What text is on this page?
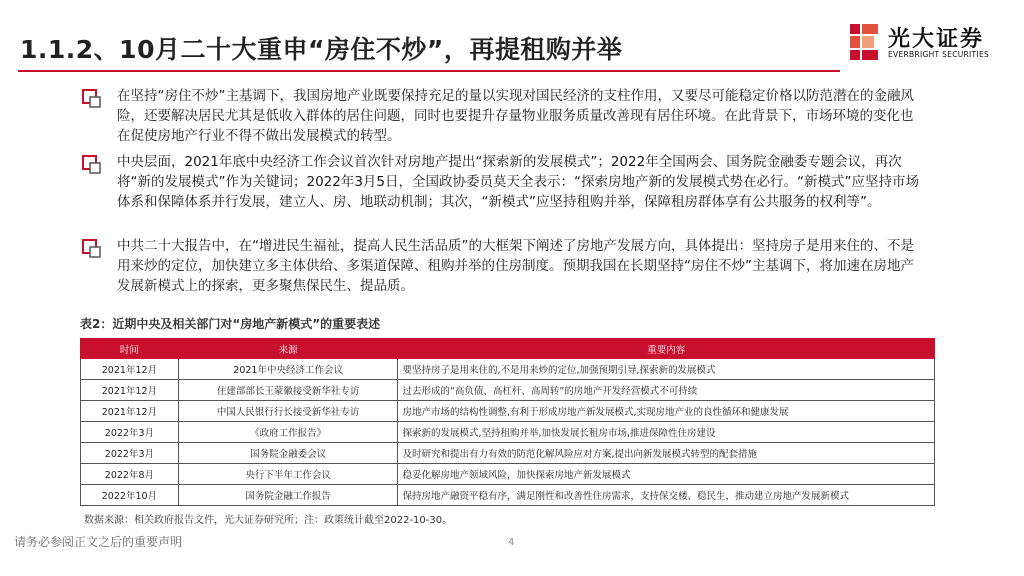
1.1.2、10月二十大重申“房住不炒”，再提租购并举	光大证券
EVERBRIGHT SECURITIES

在坚持“房住不炒”主基调下，我国房地产业既要保持充足的量以实现对国民经济的支柱作用，又要尽可能稳定价格以防范潜在的金融风险，还要解决居民尤其是低收入群体的居住问题，同时也要提升存量物业服务质量改善现有居住环境。在此背景下，市场环境的变化也在促使房地产行业不得不做出发展模式的转型。

中央层面，2021年底中央经济工作会议首次针对房地产提出“探索新的发展模式”；2022年全国两会、国务院金融委专题会议，再次将“新的发展模式”作为关键词；2022年3月5日，全国政协委员莫天全表示：“探索房地产新的发展模式势在必行。“新模式”应坚持市场体系和保障体系并行发展，建立人、房、地联动机制；其次，“新模式”应坚持租购并举，保障租房群体享有公共服务的权利等”。

中共二十大报告中，在“增进民生福祉，提高人民生活品质”的大框架下阐述了房地产发展方向，具体提出：坚持房子是用来住的、不是用来炒的定位，加快建立多主体供给、多渠道保障、租购并举的住房制度。预期我国在长期坚持“房住不炒”主基调下，将加速在房地产发展新模式上的探索，更多聚焦保民生、提品质。

表2：近期中央及相关部门对“房地产新模式”的重要表述
时间	来源	重要内容
2021年12月	2021年中央经济工作会议	要坚持房子是用来住的,不是用来炒的定位,加强预期引导,探索新的发展模式
2021年12月	住建部部长王蒙徽接受新华社专访	过去形成的“高负债、高杠杆、高周转”的房地产开发经营模式不可持续
2021年12月	中国人民银行行长接受新华社专访	房地产市场的结构性调整,有利于形成房地产新发展模式,实现房地产业的良性循环和健康发展
2022年3月	《政府工作报告》	探索新的发展模式,坚持租购并举,加快发展长租房市场,推进保障性住房建设
2022年3月	国务院金融委会议	及时研究和提出有力有效的防范化解风险应对方案,提出向新发展模式转型的配套措施
2022年8月	央行下半年工作会议	稳妥化解房地产领域风险，加快探索房地产新发展模式
2022年10月	国务院金融工作报告	保持房地产融资平稳有序，满足刚性和改善性住房需求，支持保交楼、稳民生，推动建立房地产发展新模式
数据来源：相关政府报告文件，光大证券研究所；注：政策统计截至2022-10-30。
请务必参阅正文之后的重要声明	4
